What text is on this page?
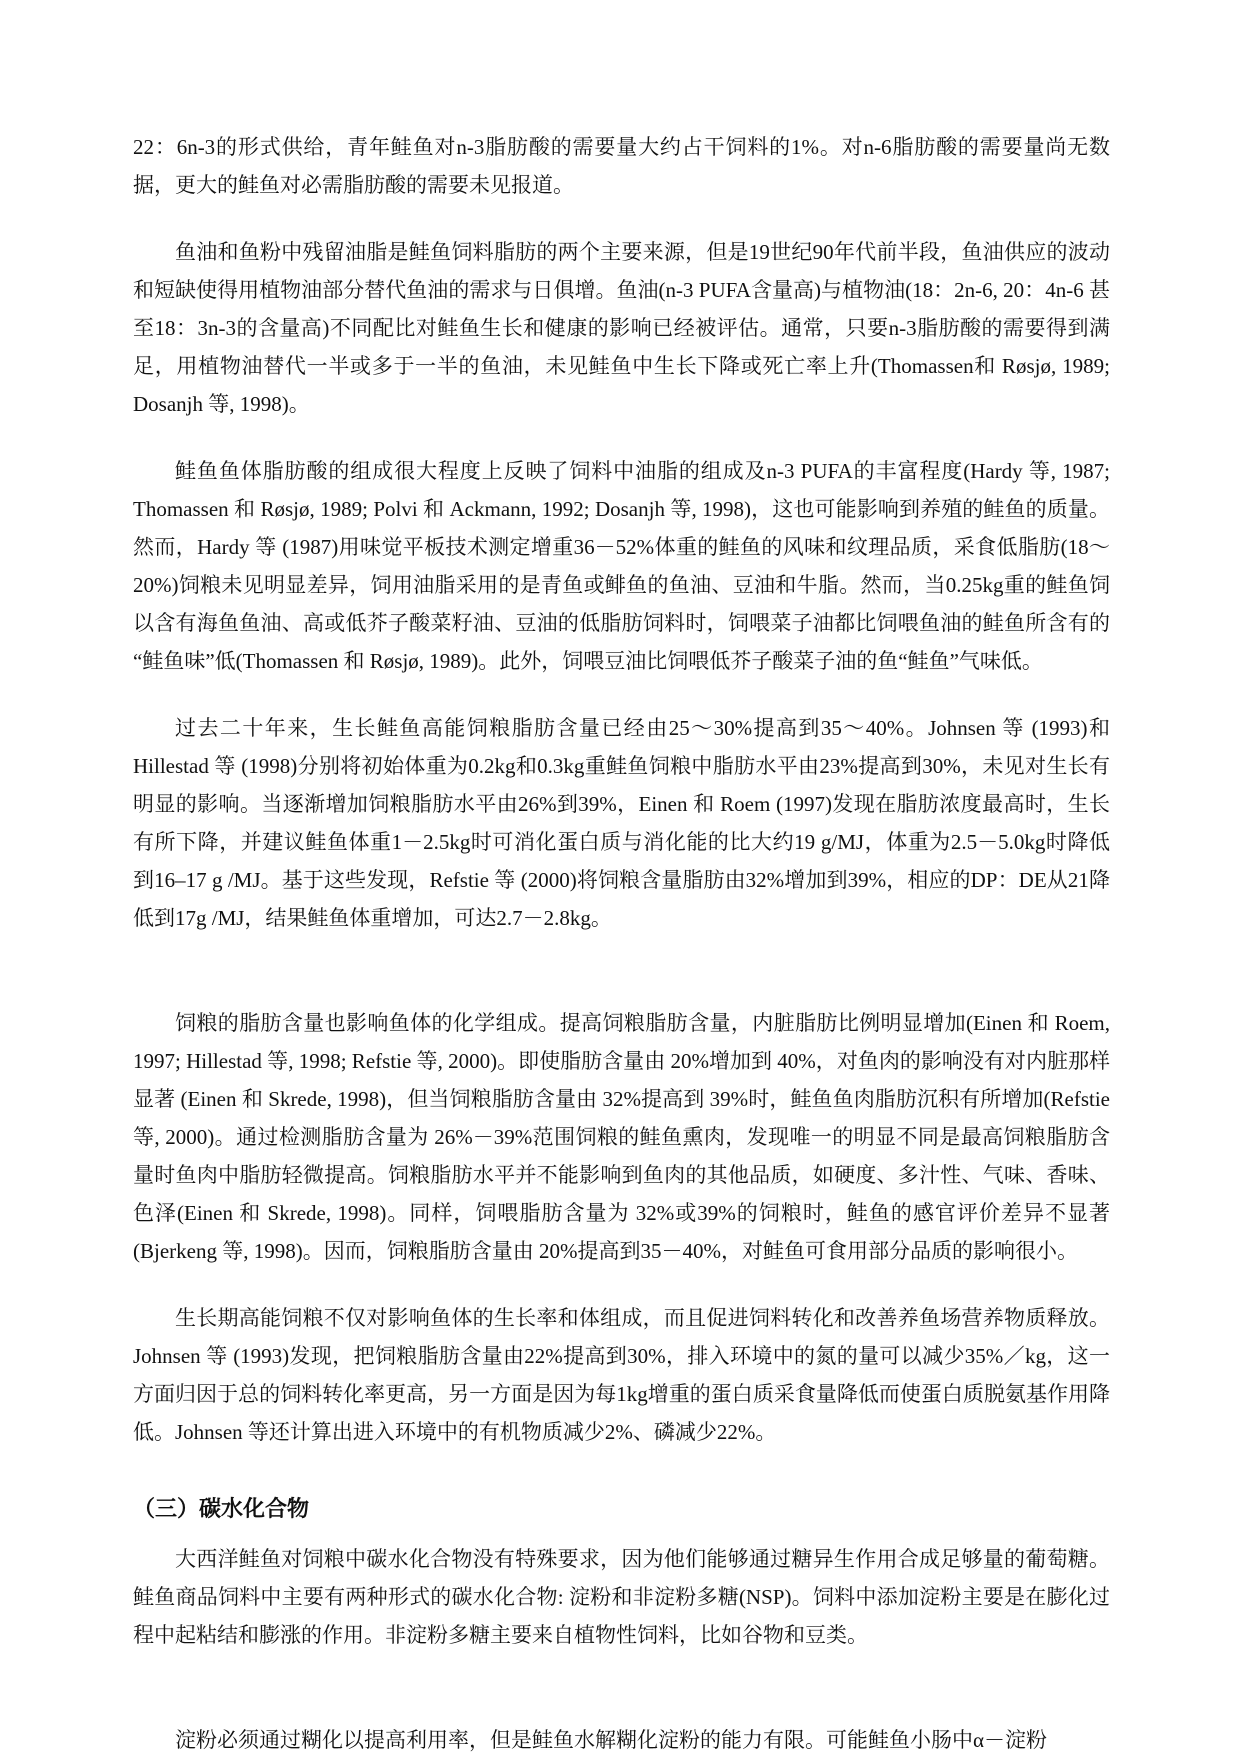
22：6n-3的形式供给，青年鲑鱼对n-3脂肪酸的需要量大约占干饲料的1%。对n-6脂肪酸的需要量尚无数据，更大的鲑鱼对必需脂肪酸的需要未见报道。

鱼油和鱼粉中残留油脂是鲑鱼饲料脂肪的两个主要来源，但是19世纪90年代前半段，鱼油供应的波动和短缺使得用植物油部分替代鱼油的需求与日俱增。鱼油(n-3 PUFA含量高)与植物油(18：2n-6, 20：4n-6 甚至18：3n-3的含量高)不同配比对鲑鱼生长和健康的影响已经被评估。通常，只要n-3脂肪酸的需要得到满足，用植物油替代一半或多于一半的鱼油，未见鲑鱼中生长下降或死亡率上升(Thomassen和 Røsjø, 1989; Dosanjh 等, 1998)。

鲑鱼鱼体脂肪酸的组成很大程度上反映了饲料中油脂的组成及n-3 PUFA的丰富程度(Hardy 等, 1987; Thomassen 和 Røsjø, 1989; Polvi 和 Ackmann, 1992; Dosanjh 等, 1998)，这也可能影响到养殖的鲑鱼的质量。然而，Hardy 等 (1987)用味觉平板技术测定增重36－52%体重的鲑鱼的风味和纹理品质，采食低脂肪(18～20%)饲粮未见明显差异，饲用油脂采用的是青鱼或鲱鱼的鱼油、豆油和牛脂。然而，当0.25kg重的鲑鱼饲以含有海鱼鱼油、高或低芥子酸菜籽油、豆油的低脂肪饲料时，饲喂菜子油都比饲喂鱼油的鲑鱼所含有的“鲑鱼味”低(Thomassen 和 Røsjø, 1989)。此外，饲喂豆油比饲喂低芥子酸菜子油的鱼“鲑鱼”气味低。

过去二十年来，生长鲑鱼高能饲粮脂肪含量已经由25～30%提高到35～40%。Johnsen 等 (1993)和 Hillestad 等 (1998)分别将初始体重为0.2kg和0.3kg重鲑鱼饲粮中脂肪水平由23%提高到30%，未见对生长有明显的影响。当逐渐增加饲粮脂肪水平由26%到39%，Einen 和 Roem (1997)发现在脂肪浓度最高时，生长有所下降，并建议鲑鱼体重1－2.5kg时可消化蛋白质与消化能的比大约19 g/MJ，体重为2.5－5.0kg时降低到16–17 g /MJ。基于这些发现，Refstie 等 (2000)将饲粮含量脂肪由32%增加到39%，相应的DP：DE从21降低到17g /MJ，结果鲑鱼体重增加，可达2.7－2.8kg。

饲粮的脂肪含量也影响鱼体的化学组成。提高饲粮脂肪含量，内脏脂肪比例明显增加(Einen 和 Roem, 1997; Hillestad 等, 1998; Refstie 等, 2000)。即使脂肪含量由 20%增加到 40%，对鱼肉的影响没有对内脏那样显著 (Einen 和 Skrede, 1998)，但当饲粮脂肪含量由 32%提高到 39%时，鲑鱼鱼肉脂肪沉积有所增加(Refstie 等, 2000)。通过检测脂肪含量为 26%－39%范围饲粮的鲑鱼熏肉，发现唯一的明显不同是最高饲粮脂肪含量时鱼肉中脂肪轻微提高。饲粮脂肪水平并不能影响到鱼肉的其他品质，如硬度、多汁性、气味、香味、色泽(Einen 和 Skrede, 1998)。同样，饲喂脂肪含量为 32%或39%的饲粮时，鲑鱼的感官评价差异不显著(Bjerkeng 等, 1998)。因而，饲粮脂肪含量由 20%提高到35－40%，对鲑鱼可食用部分品质的影响很小。

生长期高能饲粮不仅对影响鱼体的生长率和体组成，而且促进饲料转化和改善养鱼场营养物质释放。Johnsen 等 (1993)发现，把饲粮脂肪含量由22%提高到30%，排入环境中的氮的量可以减少35%／kg，这一方面归因于总的饲料转化率更高，另一方面是因为每1kg增重的蛋白质采食量降低而使蛋白质脱氨基作用降低。Johnsen 等还计算出进入环境中的有机物质减少2%、磷减少22%。

（三）碳水化合物

大西洋鲑鱼对饲粮中碳水化合物没有特殊要求，因为他们能够通过糖异生作用合成足够量的葡萄糖。鲑鱼商品饲料中主要有两种形式的碳水化合物: 淀粉和非淀粉多糖(NSP)。饲料中添加淀粉主要是在膨化过程中起粘结和膨涨的作用。非淀粉多糖主要来自植物性饲料，比如谷物和豆类。

淀粉必须通过糊化以提高利用率，但是鲑鱼水解糊化淀粉的能力有限。可能鲑鱼小肠中α－淀粉
